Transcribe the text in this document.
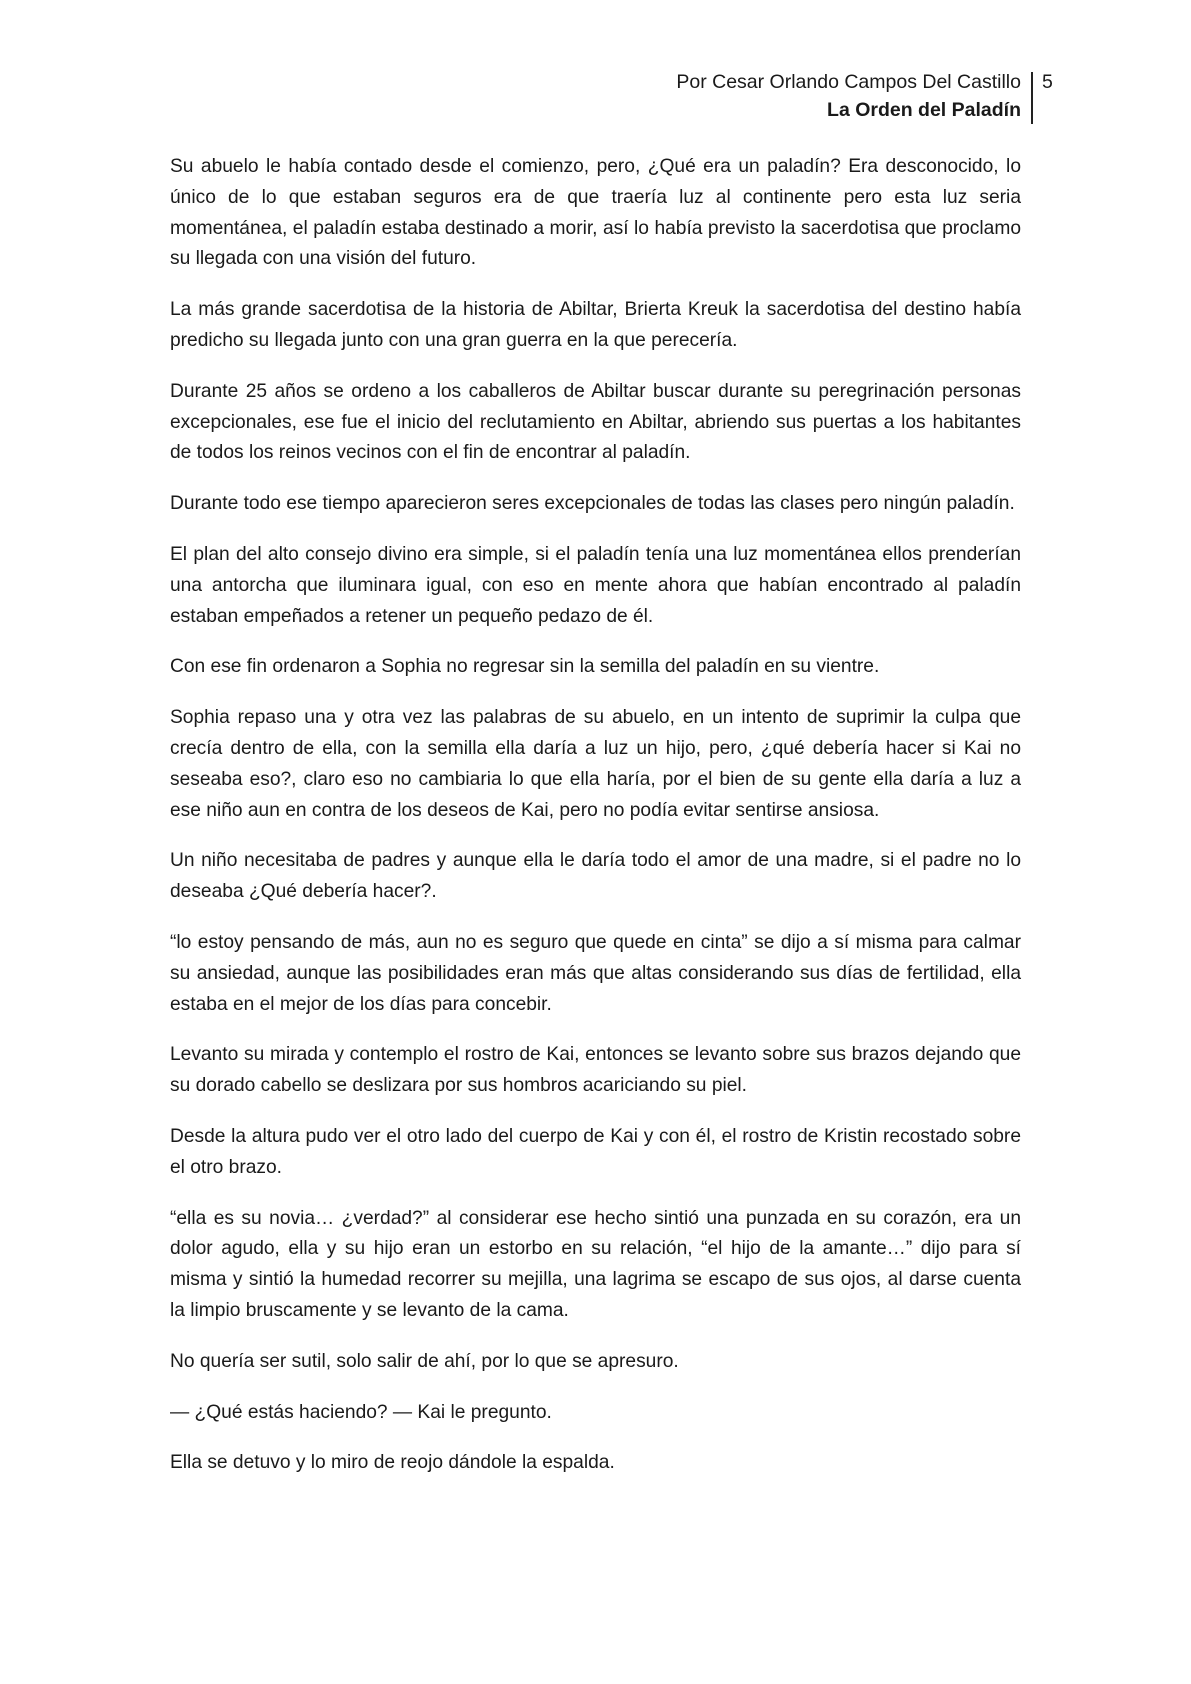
Por Cesar Orlando Campos Del Castillo
La Orden del Paladín
5

Su abuelo le había contado desde el comienzo, pero, ¿Qué era un paladín? Era desconocido, lo único de lo que estaban seguros era de que traería luz al continente pero esta luz seria momentánea, el paladín estaba destinado a morir, así lo había previsto la sacerdotisa que proclamo su llegada con una visión del futuro.

La más grande sacerdotisa de la historia de Abiltar, Brierta Kreuk la sacerdotisa del destino había predicho su llegada junto con una gran guerra en la que perecería.

Durante 25 años se ordeno a los caballeros de Abiltar buscar durante su peregrinación personas excepcionales, ese fue el inicio del reclutamiento en Abiltar, abriendo sus puertas a los habitantes de todos los reinos vecinos con el fin de encontrar al paladín.

Durante todo ese tiempo aparecieron seres excepcionales de todas las clases pero ningún paladín.

El plan del alto consejo divino era simple, si el paladín tenía una luz momentánea ellos prenderían una antorcha que iluminara igual, con eso en mente ahora que habían encontrado al paladín estaban empeñados a retener un pequeño pedazo de él.

Con ese fin ordenaron a Sophia no regresar sin la semilla del paladín en su vientre.

Sophia repaso una y otra vez las palabras de su abuelo, en un intento de suprimir la culpa que crecía dentro de ella, con la semilla ella daría a luz un hijo, pero, ¿qué debería hacer si Kai no seseaba eso?, claro eso no cambiaria lo que ella haría, por el bien de su gente ella daría a luz a ese niño aun en contra de los deseos de Kai, pero no podía evitar sentirse ansiosa.

Un niño necesitaba de padres y aunque ella le daría todo el amor de una madre, si el padre no lo deseaba ¿Qué debería hacer?.

“lo estoy pensando de más, aun no es seguro que quede en cinta” se dijo a sí misma para calmar su ansiedad, aunque las posibilidades eran más que altas considerando sus días de fertilidad, ella estaba en el mejor de los días para concebir.

Levanto su mirada y contemplo el rostro de Kai, entonces se levanto sobre sus brazos dejando que su dorado cabello se deslizara por sus hombros acariciando su piel.

Desde la altura pudo ver el otro lado del cuerpo de Kai y con él, el rostro de Kristin recostado sobre el otro brazo.

“ella es su novia… ¿verdad?” al considerar ese hecho sintió una punzada en su corazón, era un dolor agudo, ella y su hijo eran un estorbo en su relación, “el hijo de la amante…” dijo para sí misma y sintió la humedad recorrer su mejilla, una lagrima se escapo de sus ojos, al darse cuenta la limpio bruscamente y se levanto de la cama.

No quería ser sutil, solo salir de ahí, por lo que se apresuro.

— ¿Qué estás haciendo? — Kai le pregunto.

Ella se detuvo y lo miro de reojo dándole la espalda.
